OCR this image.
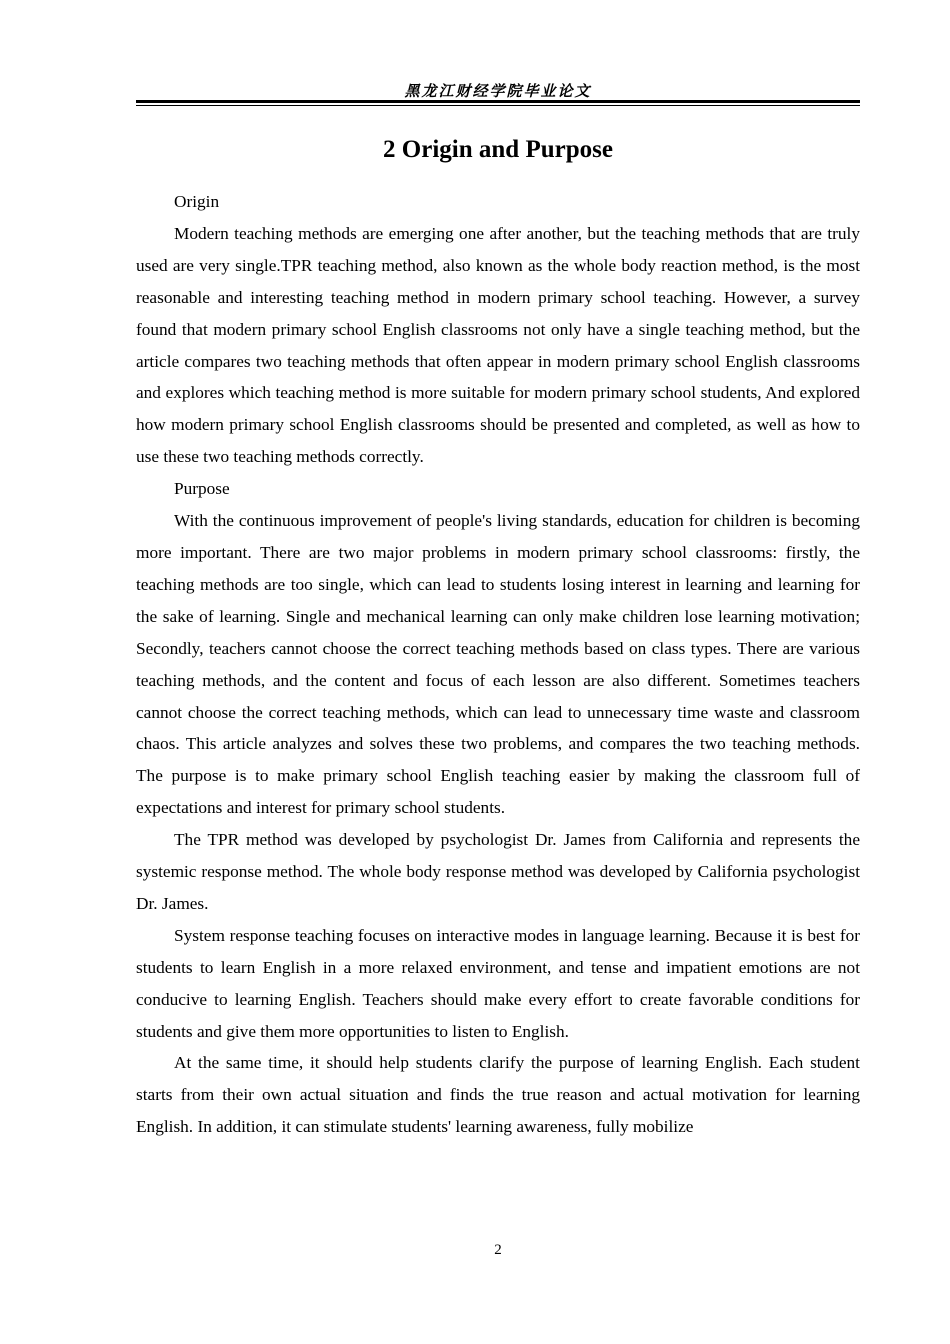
黑龙江财经学院毕业论文
2 Origin and Purpose

Origin

Modern teaching methods are emerging one after another, but the teaching methods that are truly used are very single.TPR teaching method, also known as the whole body reaction method, is the most reasonable and interesting teaching method in modern primary school teaching. However, a survey found that modern primary school English classrooms not only have a single teaching method, but the article compares two teaching methods that often appear in modern primary school English classrooms and explores which teaching method is more suitable for modern primary school students, And explored how modern primary school English classrooms should be presented and completed, as well as how to use these two teaching methods correctly.

Purpose

With the continuous improvement of people's living standards, education for children is becoming more important. There are two major problems in modern primary school classrooms: firstly, the teaching methods are too single, which can lead to students losing interest in learning and learning for the sake of learning. Single and mechanical learning can only make children lose learning motivation; Secondly, teachers cannot choose the correct teaching methods based on class types. There are various teaching methods, and the content and focus of each lesson are also different. Sometimes teachers cannot choose the correct teaching methods, which can lead to unnecessary time waste and classroom chaos. This article analyzes and solves these two problems, and compares the two teaching methods. The purpose is to make primary school English teaching easier by making the classroom full of expectations and interest for primary school students.

The TPR method was developed by psychologist Dr. James from California and represents the systemic response method. The whole body response method was developed by California psychologist Dr. James.

System response teaching focuses on interactive modes in language learning. Because it is best for students to learn English in a more relaxed environment, and tense and impatient emotions are not conducive to learning English. Teachers should make every effort to create favorable conditions for students and give them more opportunities to listen to English.

At the same time, it should help students clarify the purpose of learning English. Each student starts from their own actual situation and finds the true reason and actual motivation for learning English. In addition, it can stimulate students' learning awareness, fully mobilize

2
